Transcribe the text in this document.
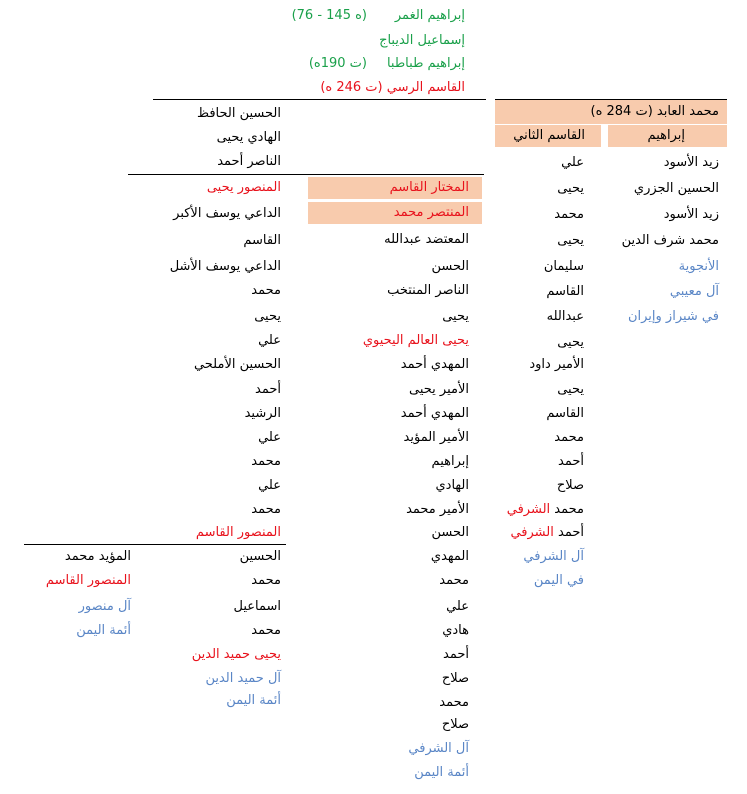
إبراهيم الغمر
(ه 145 - 76)
إسماعيل الديباج
إبراهيم طباطبا
(ت 190ه)
القاسم الرسي (ت 246 ه)
محمد العابد (ت 284 ه)
إبراهيم
القاسم الثاني
زيد الأسود
الحسين الجزري
زيد الأسود
محمد شرف الدين
الأنجوية
آل معيبي
في شيراز وإيران
علي
يحيى
محمد
يحيى
سليمان
القاسم
عبدالله
يحيى
الأمير داود
يحيى
القاسم
محمد
أحمد
صلاح
محمد الشرفي
أحمد الشرفي
آل الشرفي
في اليمن
الحسين الحافظ
الهادي يحيى
الناصر أحمد
المختار القاسم
المنتصر محمد
المعتضد عبدالله
الحسن
الناصر المنتخب
يحيى
يحيى العالم اليحيوي
المهدي أحمد
الأمير يحيى
المهدي أحمد
الأمير المؤيد
إبراهيم
الهادي
الأمير محمد
الحسن
المهدي
محمد
علي
هادي
أحمد
صلاح
محمد
صلاح
آل الشرفي
أئمة اليمن
المنصور يحيى
الداعي يوسف الأكبر
القاسم
الداعي يوسف الأشل
محمد
يحيى
علي
الحسين الأملحي
أحمد
الرشيد
علي
محمد
علي
محمد
المنصور القاسم
الحسين
محمد
اسماعيل
محمد
يحيى حميد الدين
آل حميد الدين
أئمة اليمن
المؤيد محمد
المنصور القاسم
آل منصور
أئمة اليمن
